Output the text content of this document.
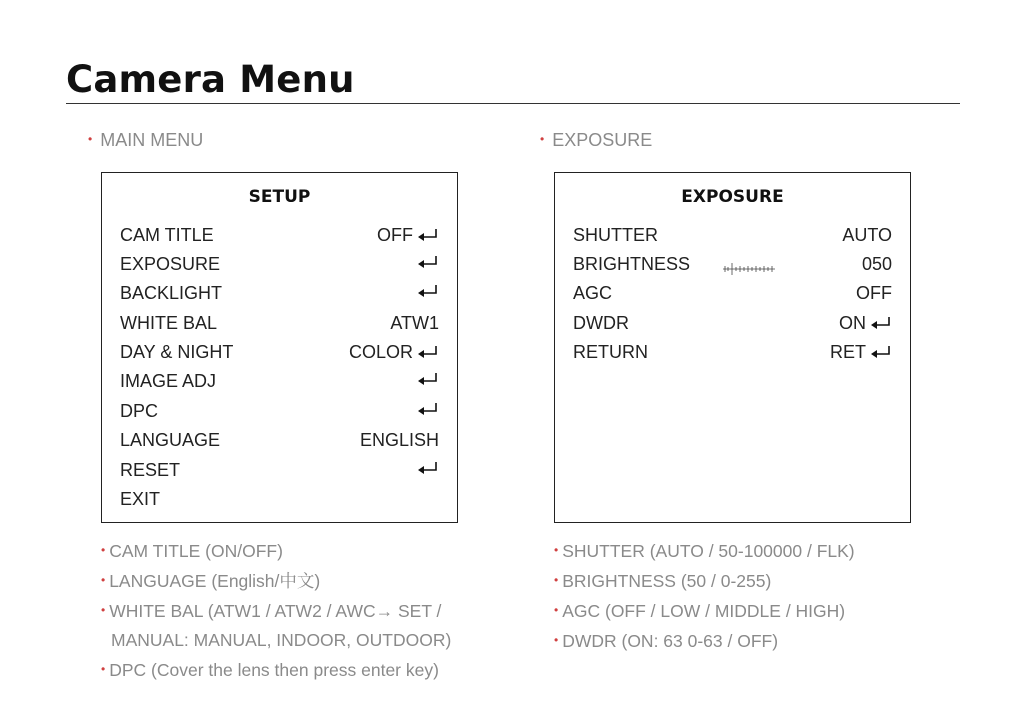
Camera Menu
• MAIN MENU
SETUP
CAM TITLE	OFF
EXPOSURE
BACKLIGHT
WHITE BAL	ATW1
DAY & NIGHT	COLOR
IMAGE ADJ
DPC
LANGUAGE	ENGLISH
RESET
EXIT
• CAM TITLE (ON/OFF)
• LANGUAGE (English/中文)
• WHITE BAL (ATW1 / ATW2 / AWC→ SET /
MANUAL: MANUAL, INDOOR, OUTDOOR)
• DPC (Cover the lens then press enter key)
• EXPOSURE
EXPOSURE
SHUTTER	AUTO
BRIGHTNESS	050
AGC	OFF
DWDR	ON
RETURN	RET
• SHUTTER (AUTO / 50-100000 / FLK)
• BRIGHTNESS (50 / 0-255)
• AGC (OFF / LOW / MIDDLE / HIGH)
• DWDR (ON: 63 0-63 / OFF)
